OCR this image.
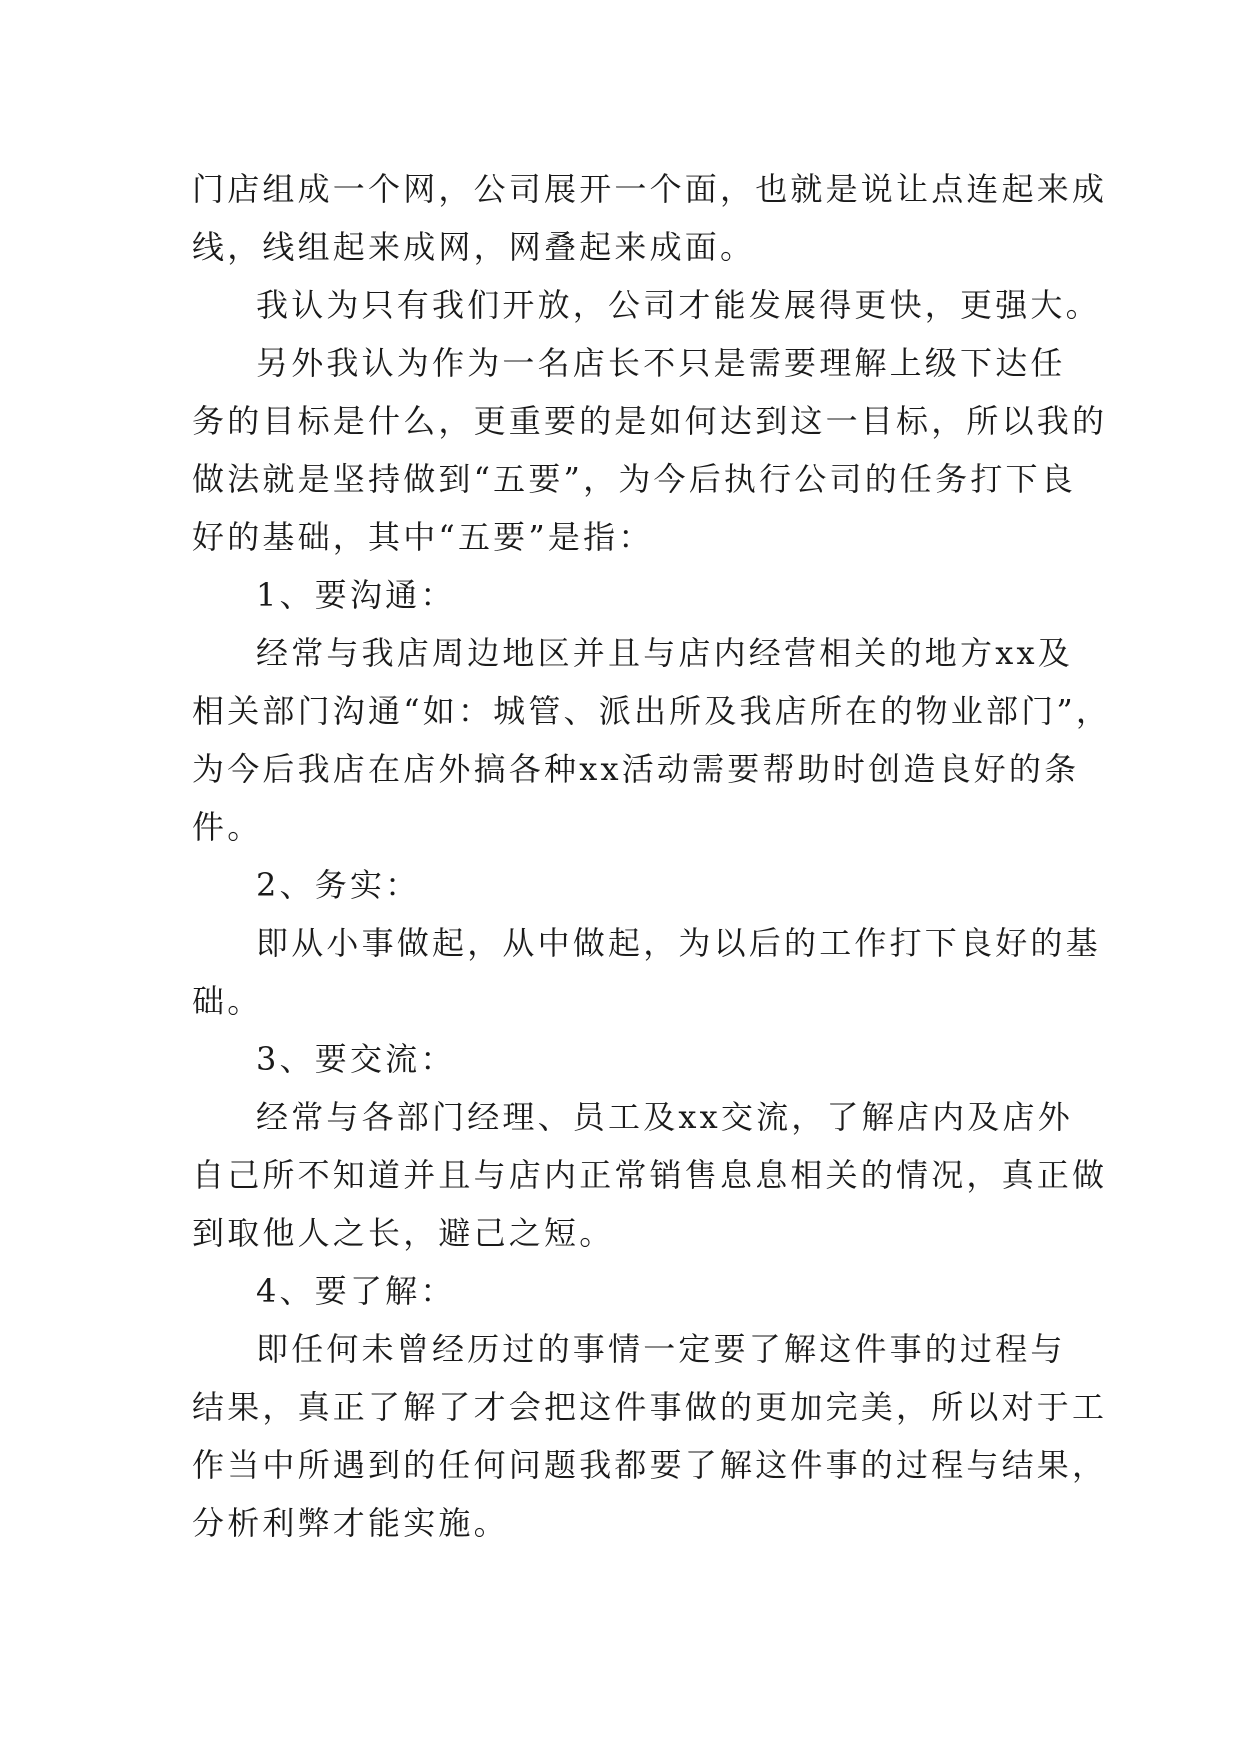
门店组成一个网，公司展开一个面，也就是说让点连起来成
线，线组起来成网，网叠起来成面。

我认为只有我们开放，公司才能发展得更快，更强大。

另外我认为作为一名店长不只是需要理解上级下达任
务的目标是什么，更重要的是如何达到这一目标，所以我的
做法就是坚持做到“五要”，为今后执行公司的任务打下良
好的基础，其中“五要”是指：

1、要沟通：

经常与我店周边地区并且与店内经营相关的地方xx及
相关部门沟通“如：城管、派出所及我店所在的物业部门”，
为今后我店在店外搞各种xx活动需要帮助时创造良好的条
件。

2、务实：

即从小事做起，从中做起，为以后的工作打下良好的基
础。

3、要交流：

经常与各部门经理、员工及xx交流，了解店内及店外
自己所不知道并且与店内正常销售息息相关的情况，真正做
到取他人之长，避己之短。

4、要了解：

即任何未曾经历过的事情一定要了解这件事的过程与
结果，真正了解了才会把这件事做的更加完美，所以对于工
作当中所遇到的任何问题我都要了解这件事的过程与结果，
分析利弊才能实施。
